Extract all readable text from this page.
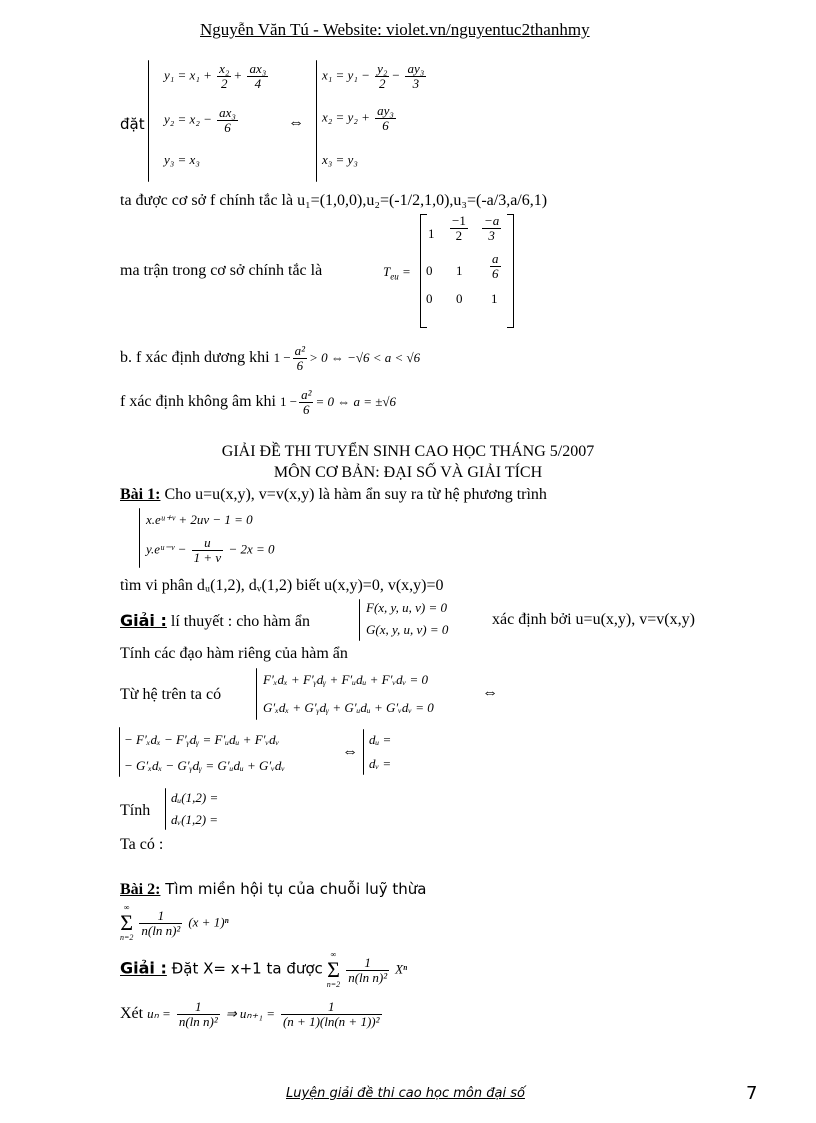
Nguyễn Văn Tú - Website: violet.vn/nguyentuc2thanhmy
đặt
$y_1 = x_1 + \frac{\text{x₂}}{2} + \frac{\text{ax₃}}{4}$
$y_2 = x_2 - \frac{\text{ax₃}}{6}$
y₃ = x₃
⇔
$x_1 = y_1 - \frac{\text{y₂}}{2} - \frac{\text{ay₃}}{3}$
$x_2 = y_2 + \frac{\text{ay₃}}{6}$
x₃ = y₃
ta được cơ sở f chính tắc là u₁=(1,0,0),u₂=(-1/2,1,0),u₃=(-a/3,a/6,1)
ma trận trong cơ sở chính tắc là	$T_{eu}$ =
$1 \frac{-1}{2} \frac{-a}{3}$
0 $1 \frac{a}{6}$
0 0 1
b. f xác định dương khi $1 - \frac{\text{a²}}{6} > 0$ ⇔ −√6 < a < √6
f xác định không âm khi $1 - \frac{\text{a²}}{6} = 0$ ⇔ a = ±√6
GIẢI ĐỀ THI TUYỂN SINH CAO HỌC THÁNG 5/2007
MÔN CƠ BẢN: ĐẠI SỐ VÀ GIẢI TÍCH
Bài 1: Cho u=u(x,y), v=v(x,y) là hàm ẩn suy ra từ hệ phương trình
x.eᵘ⁺ᵛ + 2uv − 1 = 0
y.eᵘ⁻ᵛ − $\frac{u}{1 + v} - 2x = 0$
tìm vi phân dᵤ(1,2), dᵥ(1,2) biết u(x,y)=0, v(x,y)=0
Giải : lí thuyết : cho hàm ẩn
F(x, y, u, v) = 0
G(x, y, u, v) = 0
xác định bởi u=u(x,y), v=v(x,y)
Tính các đạo hàm riêng của hàm ẩn
Từ hệ trên ta có
F′ₓdₓ + F′ᵧdᵧ + F′ᵤdᵤ + F′ᵥdᵥ = 0
G′ₓdₓ + G′ᵧdᵧ + G′ᵤdᵤ + G′ᵥdᵥ = 0
⇔
− F′ₓdₓ − F′ᵧdᵧ = F′ᵤdᵤ + F′ᵥdᵥ
− G′ₓdₓ − G′ᵧdᵧ = G′ᵤdᵤ + G′ᵥdᵥ
⇔
dᵤ =
dᵥ =
Tính
dᵤ(1,2) =
dᵥ(1,2) =
Ta có :
Bài 2: Tìm miền hội tụ của chuỗi luỹ thừa
∞
Σ
n=2
$\frac{1}{\text{n(ln n)²}} (x + 1)^n$
Giải : Đặt X= x+1 ta được
∞
Σ
n=2
$\frac{1}{\text{n(ln n)²}}$ Xⁿ
Xét $u_n = \frac{1}{\text{n(ln n)²}}$ ⇒ $u_{n+1} = \frac{1}{\text{(n + 1)(ln(n + 1))²}}$
Luyện giải đề thi cao học môn đại số	7
